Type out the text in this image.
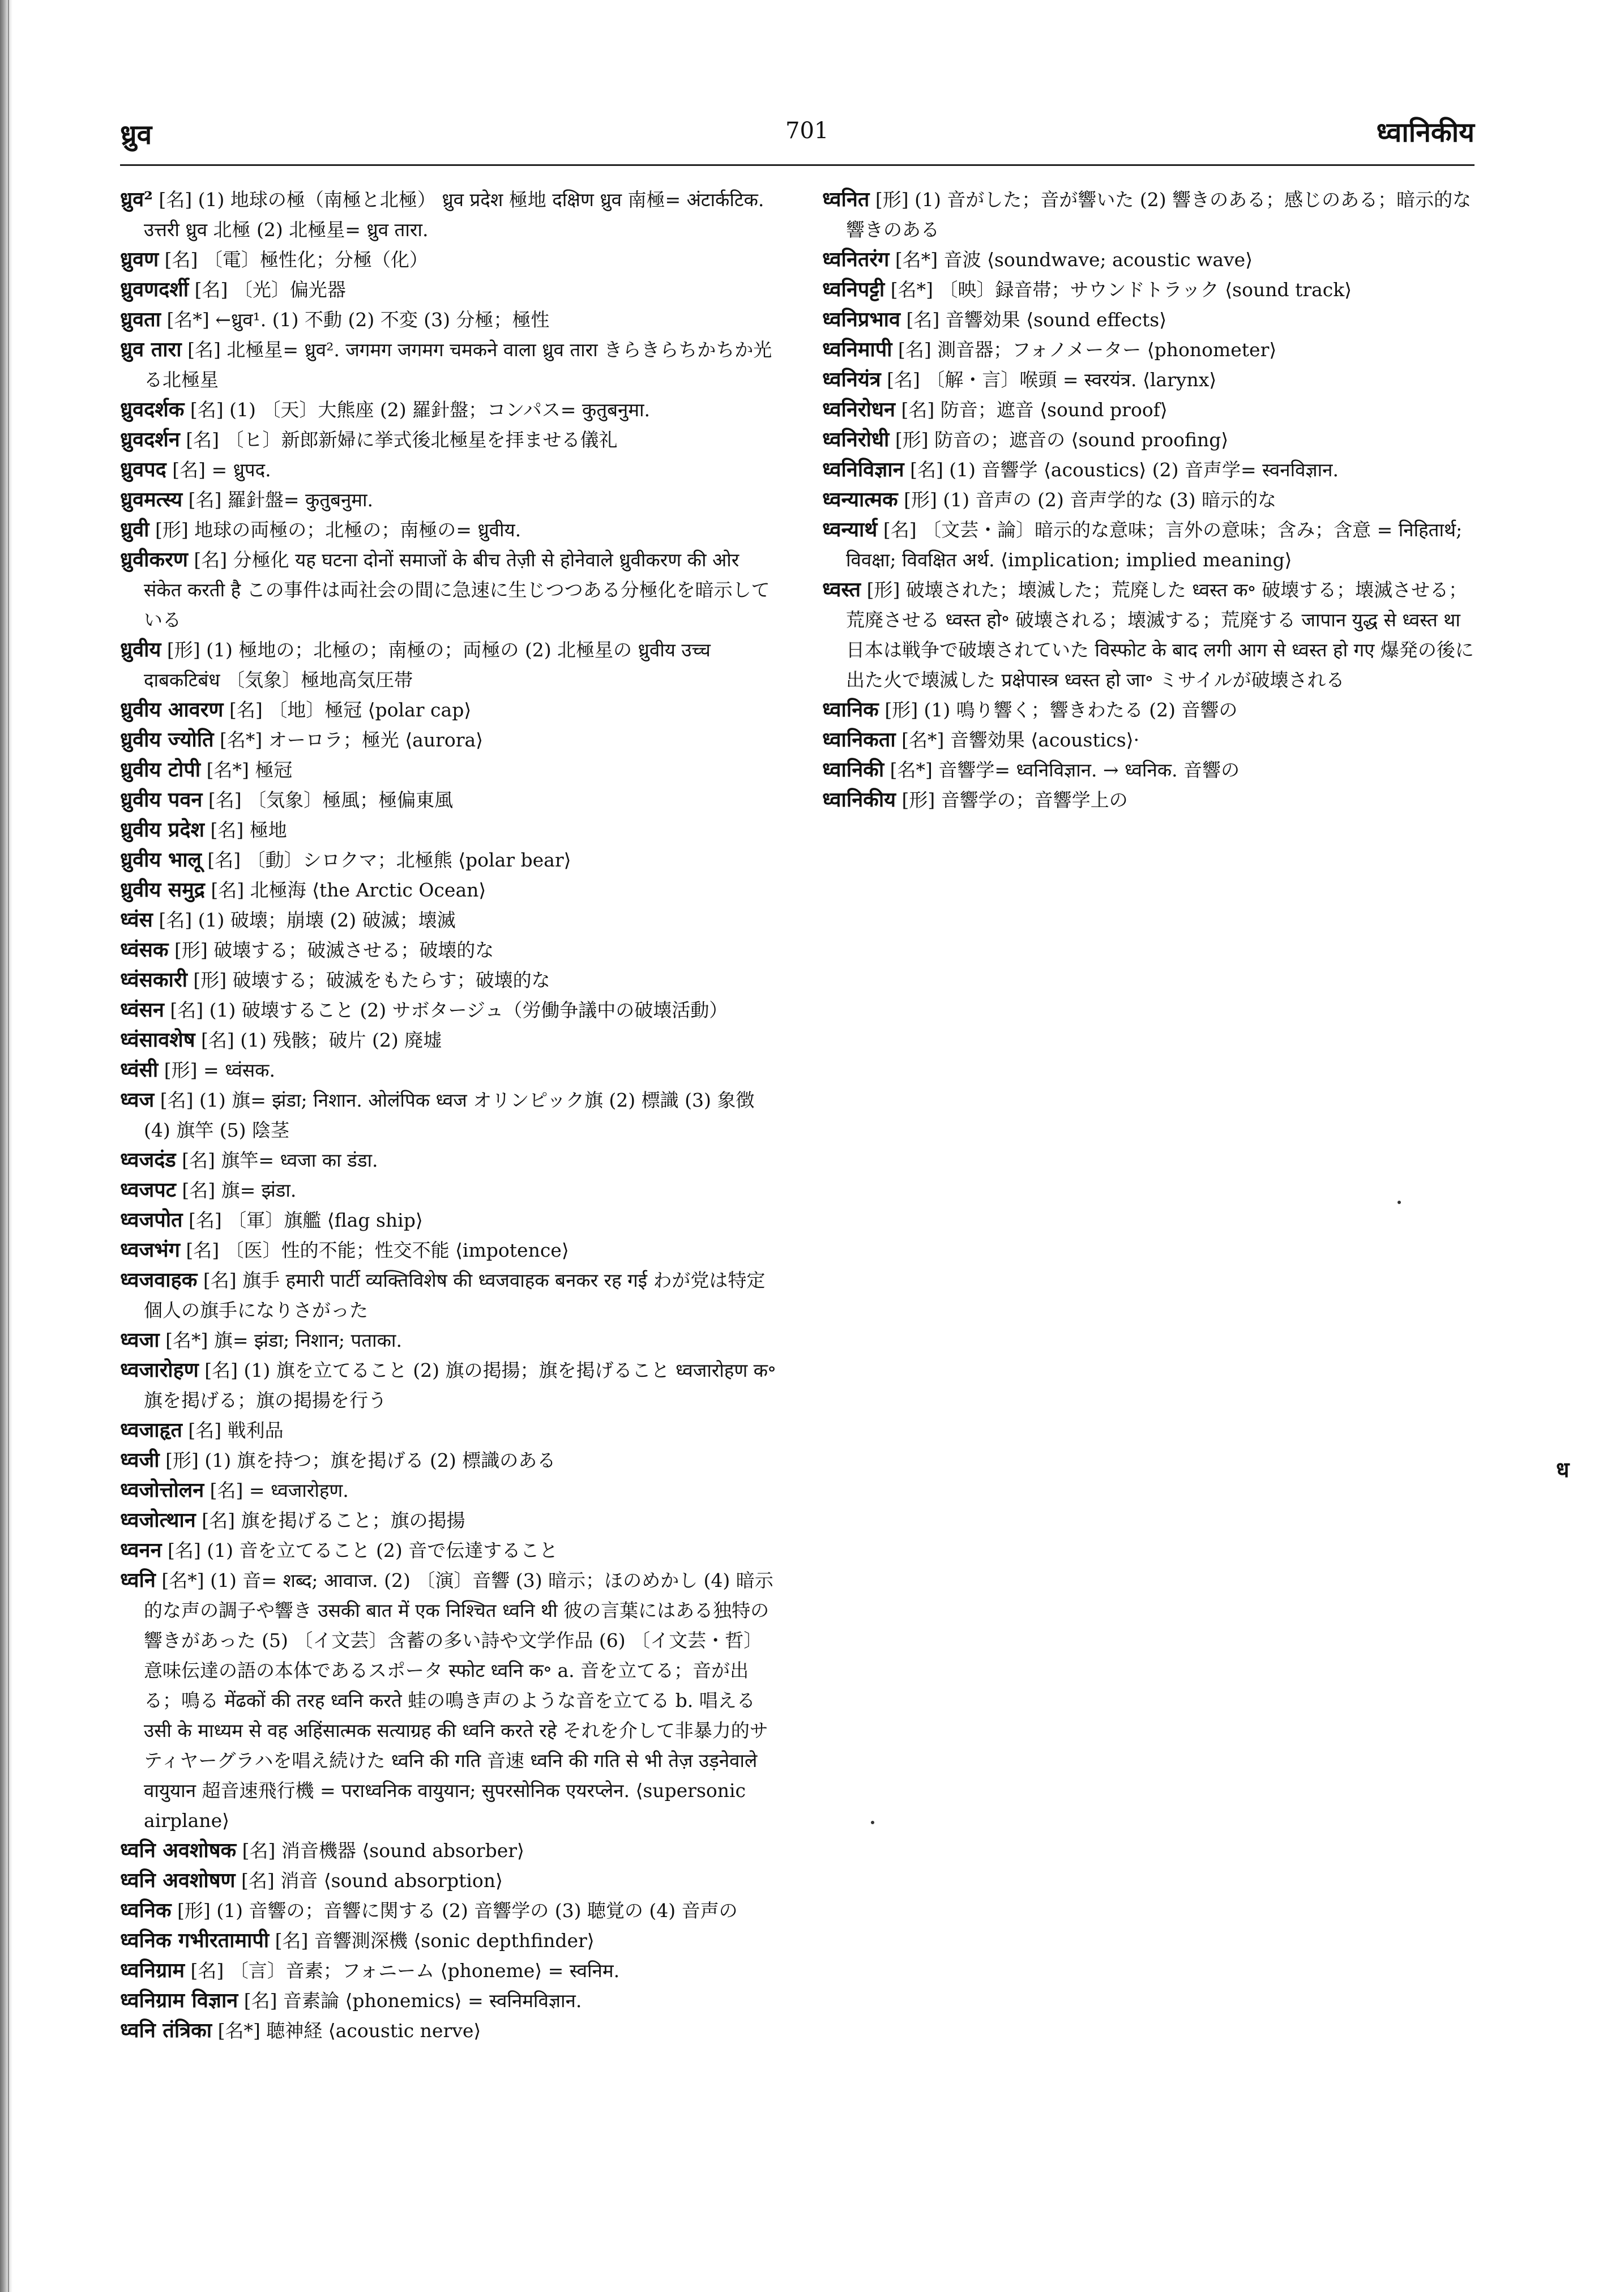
ध्रुव	701	ध्वानिकीय

ध्रुव² [名] (1) 地球の極（南極と北極） ध्रुव प्रदेश 極地 दक्षिण ध्रुव 南極= अंटार्कटिक. उत्तरी ध्रुव 北極 (2) 北極星= ध्रुव तारा.

ध्रुवण [名] 〔電〕極性化；分極（化）

ध्रुवणदर्शी [名] 〔光〕偏光器

ध्रुवता [名*] ←ध्रुव¹. (1) 不動 (2) 不変 (3) 分極；極性

ध्रुव तारा [名] 北極星= ध्रुव². जगमग जगमग चमकने वाला ध्रुव तारा きらきらちかちか光る北極星

ध्रुवदर्शक [名] (1) 〔天〕大熊座 (2) 羅針盤；コンパス= कुतुबनुमा.

ध्रुवदर्शन [名] 〔ヒ〕新郎新婦に挙式後北極星を拝ませる儀礼

ध्रुवपद [名] = ध्रुपद.

ध्रुवमत्स्य [名] 羅針盤= कुतुबनुमा.

ध्रुवी [形] 地球の両極の；北極の；南極の= ध्रुवीय.

ध्रुवीकरण [名] 分極化 यह घटना दोनों समाजों के बीच तेज़ी से होनेवाले ध्रुवीकरण की ओर संकेत करती है この事件は両社会の間に急速に生じつつある分極化を暗示している

ध्रुवीय [形] (1) 極地の；北極の；南極の；両極の (2) 北極星の ध्रुवीय उच्च दाबकटिबंध 〔気象〕極地高気圧帯

ध्रुवीय आवरण [名] 〔地〕極冠 ⟨polar cap⟩

ध्रुवीय ज्योति [名*] オーロラ；極光 ⟨aurora⟩

ध्रुवीय टोपी [名*] 極冠

ध्रुवीय पवन [名] 〔気象〕極風；極偏東風

ध्रुवीय प्रदेश [名] 極地

ध्रुवीय भालू [名] 〔動〕シロクマ；北極熊 ⟨polar bear⟩

ध्रुवीय समुद्र [名] 北極海 ⟨the Arctic Ocean⟩

ध्वंस [名] (1) 破壊；崩壊 (2) 破滅；壊滅

ध्वंसक [形] 破壊する；破滅させる；破壊的な

ध्वंसकारी [形] 破壊する；破滅をもたらす；破壊的な

ध्वंसन [名] (1) 破壊すること (2) サボタージュ（労働争議中の破壊活動）

ध्वंसावशेष [名] (1) 残骸；破片 (2) 廃墟

ध्वंसी [形] = ध्वंसक.

ध्वज [名] (1) 旗= झंडा; निशान. ओलंपिक ध्वज オリンピック旗 (2) 標識 (3) 象徴 (4) 旗竿 (5) 陰茎

ध्वजदंड [名] 旗竿= ध्वजा का डंडा.

ध्वजपट [名] 旗= झंडा.

ध्वजपोत [名] 〔軍〕旗艦 ⟨flag ship⟩

ध्वजभंग [名] 〔医〕性的不能；性交不能 ⟨impotence⟩

ध्वजवाहक [名] 旗手 हमारी पार्टी व्यक्तिविशेष की ध्वजवाहक बनकर रह गई わが党は特定個人の旗手になりさがった

ध्वजा [名*] 旗= झंडा; निशान; पताका.

ध्वजारोहण [名] (1) 旗を立てること (2) 旗の掲揚；旗を掲げること ध्वजारोहण क॰ 旗を掲げる；旗の掲揚を行う

ध्वजाहृत [名] 戦利品

ध्वजी [形] (1) 旗を持つ；旗を掲げる (2) 標識のある

ध्वजोत्तोलन [名] = ध्वजारोहण.

ध्वजोत्थान [名] 旗を掲げること；旗の掲揚

ध्वनन [名] (1) 音を立てること (2) 音で伝達すること

ध्वनि [名*] (1) 音= शब्द; आवाज. (2) 〔演〕音響 (3) 暗示；ほのめかし (4) 暗示的な声の調子や響き उसकी बात में एक निश्चित ध्वनि थी 彼の言葉にはある独特の響きがあった (5) 〔イ文芸〕含蓄の多い詩や文学作品 (6) 〔イ文芸・哲〕意味伝達の語の本体であるスポータ स्फोट ध्वनि क॰ a. 音を立てる；音が出る；鳴る मेंढकों की तरह ध्वनि करते 蛙の鳴き声のような音を立てる b. 唱える उसी के माध्यम से वह अहिंसात्मक सत्याग्रह की ध्वनि करते रहे それを介して非暴力的サティヤーグラハを唱え続けた ध्वनि की गति 音速 ध्वनि की गति से भी तेज़ उड़नेवाले वायुयान 超音速飛行機 = पराध्वनिक वायुयान; सुपरसोनिक एयरप्लेन. ⟨supersonic airplane⟩

ध्वनि अवशोषक [名] 消音機器 ⟨sound absorber⟩

ध्वनि अवशोषण [名] 消音 ⟨sound absorption⟩

ध्वनिक [形] (1) 音響の；音響に関する (2) 音響学の (3) 聴覚の (4) 音声の

ध्वनिक गभीरतामापी [名] 音響測深機 ⟨sonic depthfinder⟩

ध्वनिग्राम [名] 〔言〕音素；フォニーム ⟨phoneme⟩ = स्वनिम.

ध्वनिग्राम विज्ञान [名] 音素論 ⟨phonemics⟩ = स्वनिमविज्ञान.

ध्वनि तंत्रिका [名*] 聴神経 ⟨acoustic nerve⟩

ध्वनित [形] (1) 音がした；音が響いた (2) 響きのある；感じのある；暗示的な響きのある

ध्वनितरंग [名*] 音波 ⟨soundwave; acoustic wave⟩

ध्वनिपट्टी [名*] 〔映〕録音帯；サウンドトラック ⟨sound track⟩

ध्वनिप्रभाव [名] 音響効果 ⟨sound effects⟩

ध्वनिमापी [名] 測音器；フォノメーター ⟨phonometer⟩

ध्वनियंत्र [名] 〔解・言〕喉頭 = स्वरयंत्र. ⟨larynx⟩

ध्वनिरोधन [名] 防音；遮音 ⟨sound proof⟩

ध्वनिरोधी [形] 防音の；遮音の ⟨sound proofing⟩

ध्वनिविज्ञान [名] (1) 音響学 ⟨acoustics⟩ (2) 音声学= स्वनविज्ञान.

ध्वन्यात्मक [形] (1) 音声の (2) 音声学的な (3) 暗示的な

ध्वन्यार्थ [名] 〔文芸・論〕暗示的な意味；言外の意味；含み；含意 = निहितार्थ; विवक्षा; विवक्षित अर्थ. ⟨implication; implied meaning⟩

ध्वस्त [形] 破壊された；壊滅した；荒廃した ध्वस्त क॰ 破壊する；壊滅させる；荒廃させる ध्वस्त हो॰ 破壊される；壊滅する；荒廃する जापान युद्ध से ध्वस्त था 日本は戦争で破壊されていた विस्फोट के बाद लगी आग से ध्वस्त हो गए 爆発の後に出た火で壊滅した प्रक्षेपास्त्र ध्वस्त हो जा॰ ミサイルが破壊される

ध्वानिक [形] (1) 鳴り響く；響きわたる (2) 音響の

ध्वानिकता [名*] 音響効果 ⟨acoustics⟩·

ध्वानिकी [名*] 音響学= ध्वनिविज्ञान. → ध्वनिक. 音響の

ध्वानिकीय [形] 音響学の；音響学上の

ध
